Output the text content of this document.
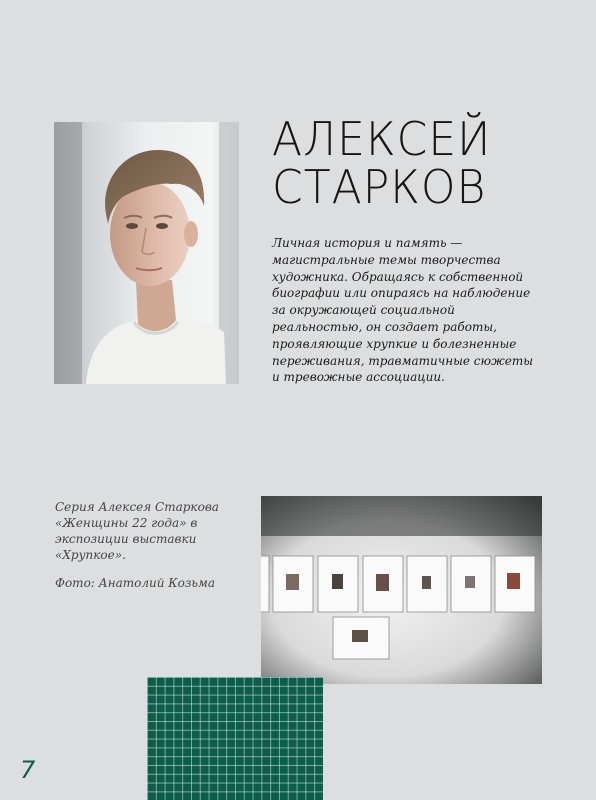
АЛЕКСЕЙ
СТАРКОВ

Личная история и память — магистральные темы творчества художника. Обращаясь к собственной биографии или опираясь на наблюдение за окружающей социальной реальностью, он создает работы, проявляющие хрупкие и болезненные переживания, травматичные сюжеты и тревожные ассоциации.

Серия Алексея Старкова «Женщины 22 года» в экспозиции выставки «Хрупкое».

Фото: Анатолий Козьма

7
